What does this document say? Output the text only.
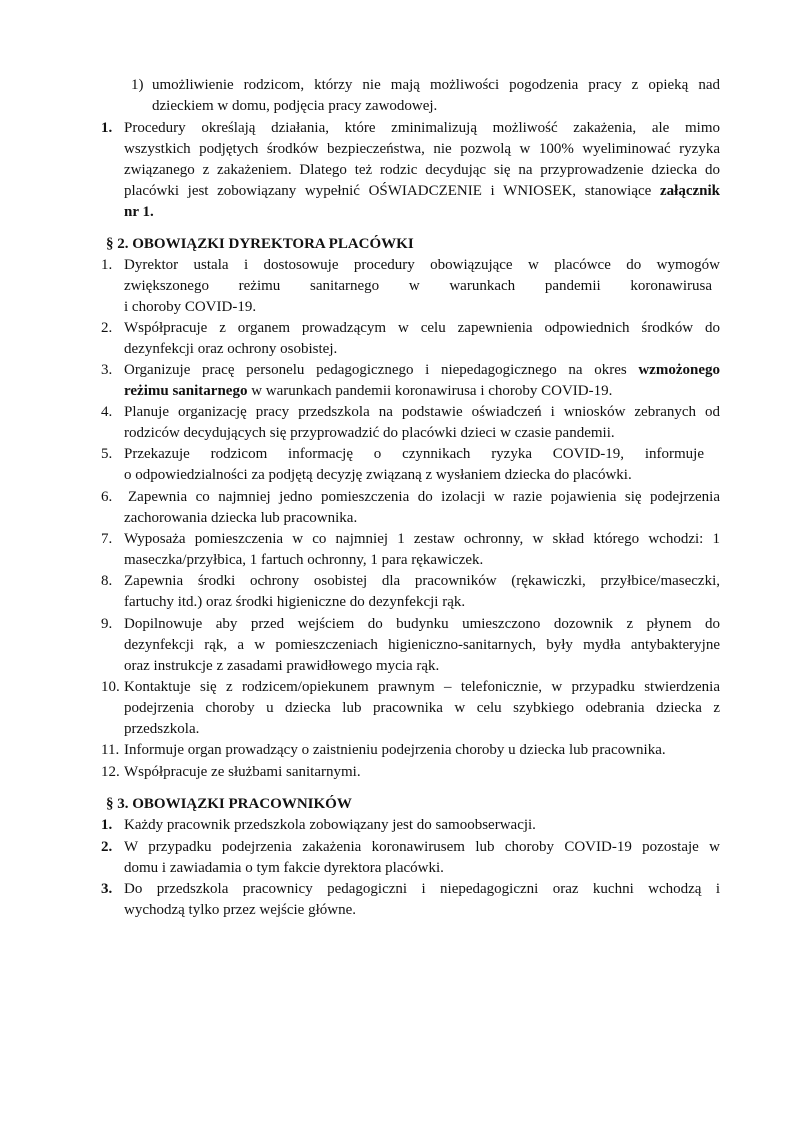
1) umożliwienie rodzicom, którzy nie mają możliwości pogodzenia pracy z opieką nad
dzieckiem w domu, podjęcia pracy zawodowej.
1. Procedury określają działania, które zminimalizują możliwość zakażenia, ale mimo
wszystkich podjętych środków bezpieczeństwa, nie pozwolą w 100% wyeliminować ryzyka
związanego z zakażeniem. Dlatego też rodzic decydując się na przyprowadzenie dziecka do
placówki jest zobowiązany wypełnić OŚWIADCZENIE i WNIOSEK, stanowiące załącznik
nr 1.
§ 2. OBOWIĄZKI DYREKTORA PLACÓWKI
1. Dyrektor ustala i dostosowuje procedury obowiązujące w placówce do wymogów
zwiększonego reżimu sanitarnego w warunkach pandemii koronawirusa
i choroby COVID-19.
2. Współpracuje z organem prowadzącym w celu zapewnienia odpowiednich środków do
dezynfekcji oraz ochrony osobistej.
3. Organizuje pracę personelu pedagogicznego i niepedagogicznego na okres wzmożonego
reżimu sanitarnego w warunkach pandemii koronawirusa i choroby COVID-19.
4. Planuje organizację pracy przedszkola na podstawie oświadczeń i wniosków zebranych od
rodziców decydujących się przyprowadzić do placówki dzieci w czasie pandemii.
5. Przekazuje rodzicom informację o czynnikach ryzyka COVID-19, informuje
o odpowiedzialności za podjętą decyzję związaną z wysłaniem dziecka do placówki.
6. Zapewnia co najmniej jedno pomieszczenia do izolacji w razie pojawienia się podejrzenia
zachorowania dziecka lub pracownika.
7. Wyposaża pomieszczenia w co najmniej 1 zestaw ochronny, w skład którego wchodzi: 1
maseczka/przyłbica, 1 fartuch ochronny, 1 para rękawiczek.
8. Zapewnia środki ochrony osobistej dla pracowników (rękawiczki, przyłbice/maseczki,
fartuchy itd.) oraz środki higieniczne do dezynfekcji rąk.
9. Dopilnowuje aby przed wejściem do budynku umieszczono dozownik z płynem do
dezynfekcji rąk, a w pomieszczeniach higieniczno-sanitarnych, były mydła antybakteryjne
oraz instrukcje z zasadami prawidłowego mycia rąk.
10. Kontaktuje się z rodzicem/opiekunem prawnym – telefonicznie, w przypadku stwierdzenia
podejrzenia choroby u dziecka lub pracownika w celu szybkiego odebrania dziecka z
przedszkola.
11. Informuje organ prowadzący o zaistnieniu podejrzenia choroby u dziecka lub pracownika.
12. Współpracuje ze służbami sanitarnymi.
§ 3. OBOWIĄZKI PRACOWNIKÓW
1. Każdy pracownik przedszkola zobowiązany jest do samoobserwacji.
2. W przypadku podejrzenia zakażenia koronawirusem lub choroby COVID-19 pozostaje w
domu i zawiadamia o tym fakcie dyrektora placówki.
3. Do przedszkola pracownicy pedagogiczni i niepedagogiczni oraz kuchni wchodzą i
wychodzą tylko przez wejście główne.
